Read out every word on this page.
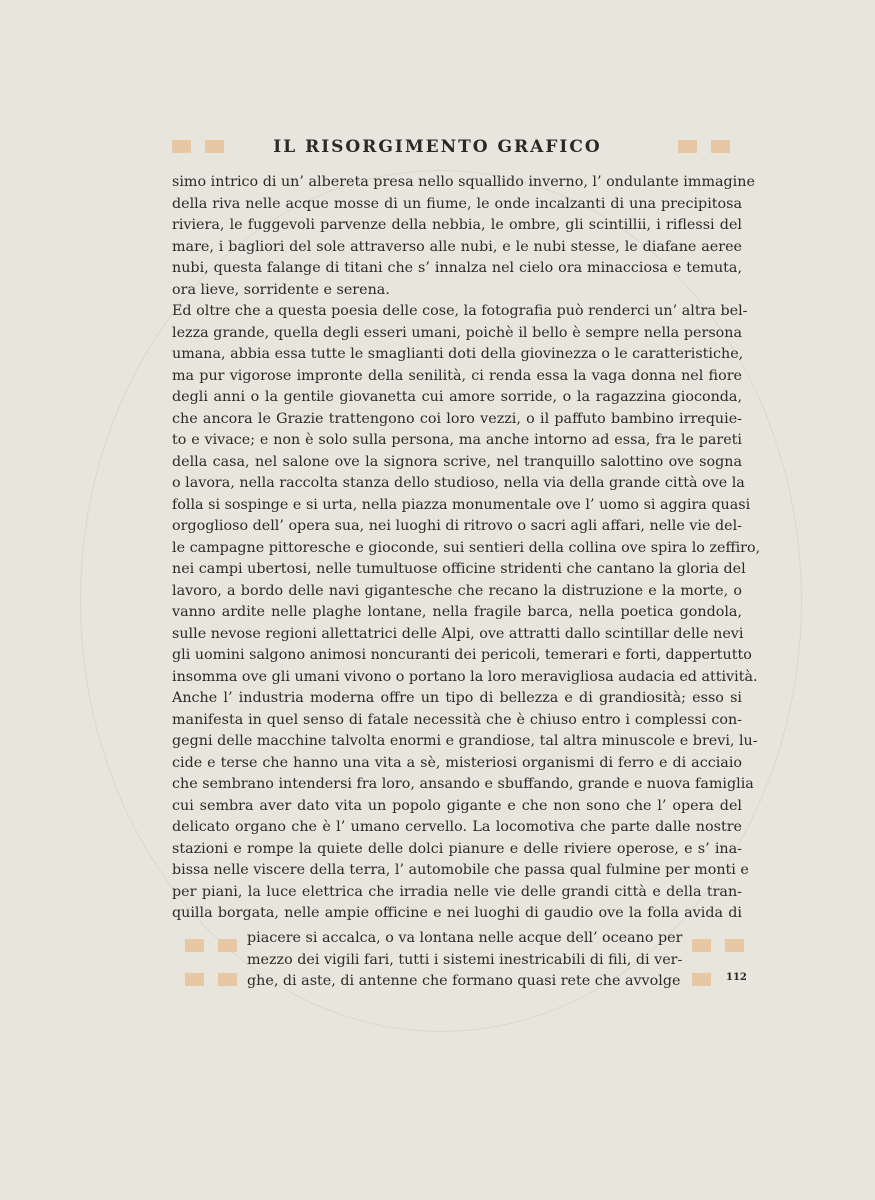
IL RISORGIMENTO GRAFICO
simo intrico di un’ albereta presa nello squallido inverno, l’ ondulante immagine
della riva nelle acque mosse di un fiume, le onde incalzanti di una precipitosa
riviera, le fuggevoli parvenze della nebbia, le ombre, gli scintillii, i riflessi del
mare, i bagliori del sole attraverso alle nubi, e le nubi stesse, le diafane aeree
nubi, questa falange di titani che s’ innalza nel cielo ora minacciosa e temuta,
ora lieve, sorridente e serena.
Ed oltre che a questa poesia delle cose, la fotografia può renderci un’ altra bel-
lezza grande, quella degli esseri umani, poichè il bello è sempre nella persona
umana, abbia essa tutte le smaglianti doti della giovinezza o le caratteristiche,
ma pur vigorose impronte della senilità, ci renda essa la vaga donna nel fiore
degli anni o la gentile giovanetta cui amore sorride, o la ragazzina gioconda,
che ancora le Grazie trattengono coi loro vezzi, o il paffuto bambino irrequie-
to e vivace; e non è solo sulla persona, ma anche intorno ad essa, fra le pareti
della casa, nel salone ove la signora scrive, nel tranquillo salottino ove sogna
o lavora, nella raccolta stanza dello studioso, nella via della grande città ove la
folla si sospinge e si urta, nella piazza monumentale ove l’ uomo si aggira quasi
orgoglioso dell’ opera sua, nei luoghi di ritrovo o sacri agli affari, nelle vie del-
le campagne pittoresche e gioconde, sui sentieri della collina ove spira lo zeffiro,
nei campi ubertosi, nelle tumultuose officine stridenti che cantano la gloria del
lavoro, a bordo delle navi gigantesche che recano la distruzione e la morte, o
vanno ardite nelle plaghe lontane, nella fragile barca, nella poetica gondola,
sulle nevose regioni allettatrici delle Alpi, ove attratti dallo scintillar delle nevi
gli uomini salgono animosi noncuranti dei pericoli, temerari e forti, dappertutto
insomma ove gli umani vivono o portano la loro meravigliosa audacia ed attività.
Anche l’ industria moderna offre un tipo di bellezza e di grandiosità; esso si
manifesta in quel senso di fatale necessità che è chiuso entro i complessi con-
gegni delle macchine talvolta enormi e grandiose, tal altra minuscole e brevi, lu-
cide e terse che hanno una vita a sè, misteriosi organismi di ferro e di acciaio
che sembrano intendersi fra loro, ansando e sbuffando, grande e nuova famiglia
cui sembra aver dato vita un popolo gigante e che non sono che l’ opera del
delicato organo che è l’ umano cervello. La locomotiva che parte dalle nostre
stazioni e rompe la quiete delle dolci pianure e delle riviere operose, e s’ ina-
bissa nelle viscere della terra, l’ automobile che passa qual fulmine per monti e
per piani, la luce elettrica che irradia nelle vie delle grandi città e della tran-
quilla borgata, nelle ampie officine e nei luoghi di gaudio ove la folla avida di
piacere si accalca, o va lontana nelle acque dell’ oceano per
mezzo dei vigili fari, tutti i sistemi inestricabili di fili, di ver-
ghe, di aste, di antenne che formano quasi rete che avvolge	112
